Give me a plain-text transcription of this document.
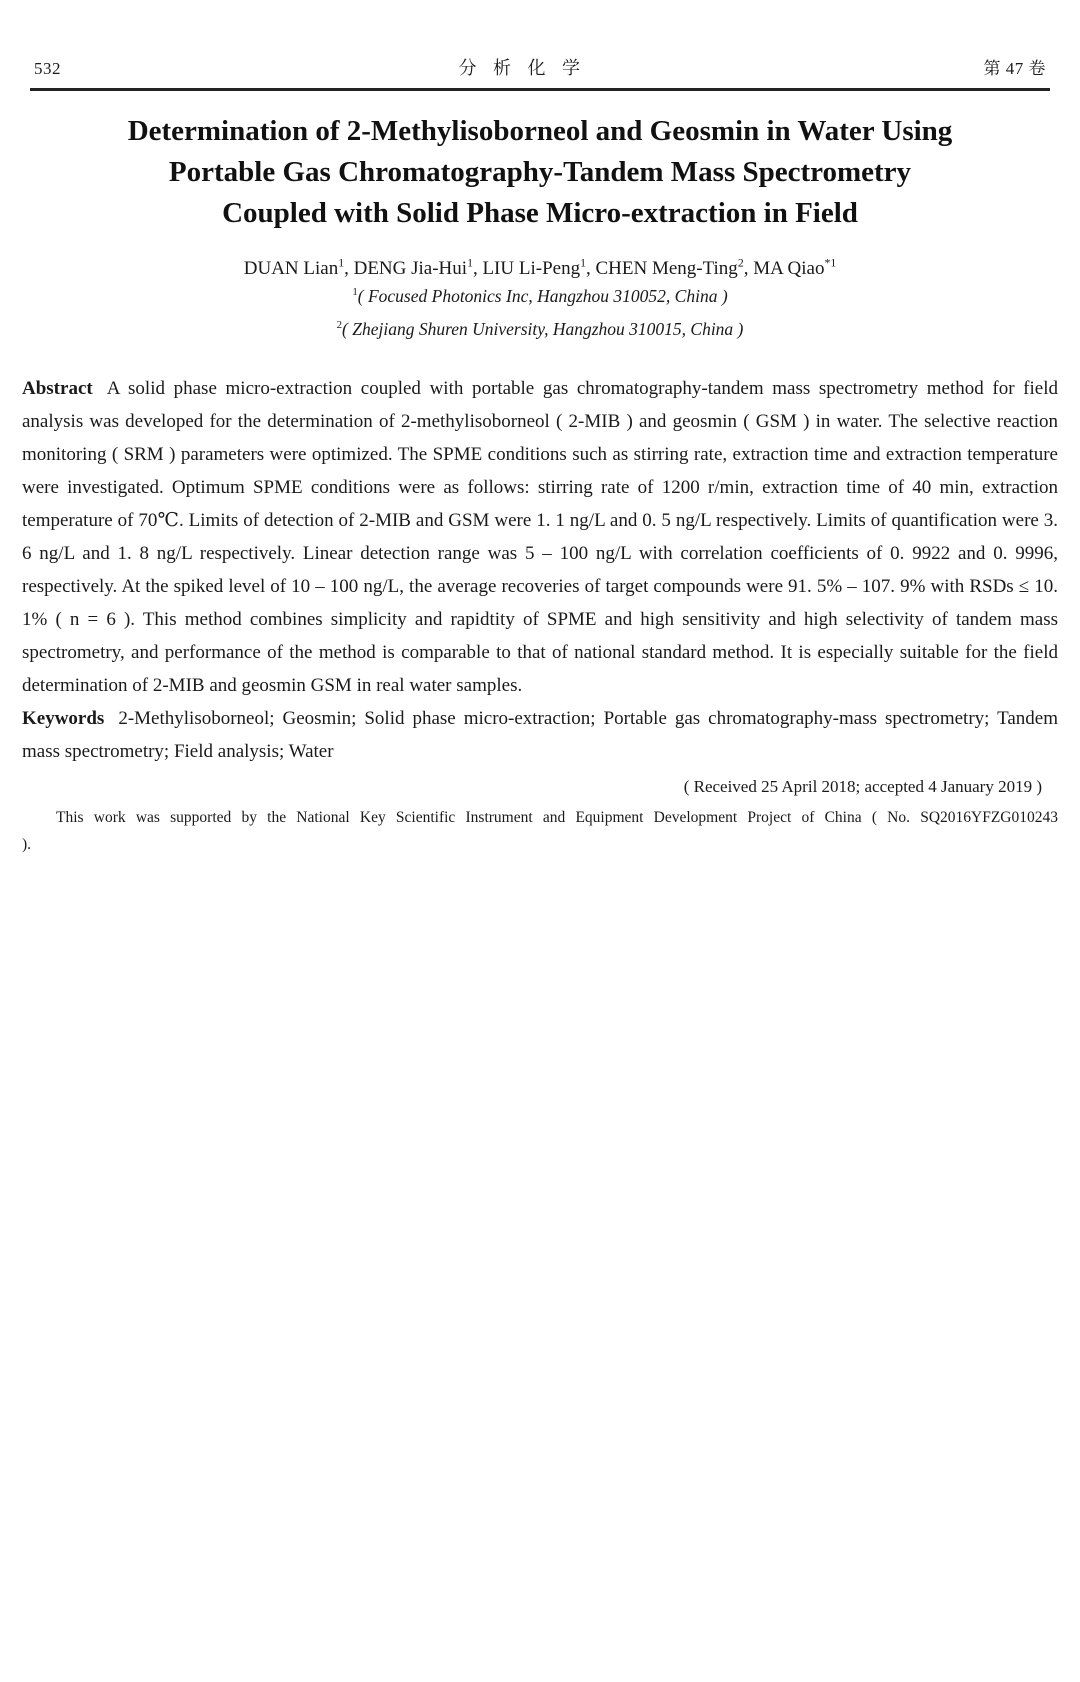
532	分 析 化 学	第 47 卷
Determination of 2-Methylisoborneol and Geosmin in Water Using
Portable Gas Chromatography-Tandem Mass Spectrometry
Coupled with Solid Phase Micro-extraction in Field
DUAN Lian$^1$, DENG Jia-Hui$^1$, LIU Li-Peng$^1$, CHEN Meng-Ting$^2$, MA Qiao$^{*1}$
$^1$( Focused Photonics Inc, Hangzhou 310052, China )
$^2$( Zhejiang Shuren University, Hangzhou 310015, China )

Abstract A solid phase micro-extraction coupled with portable gas chromatography-tandem mass spectrometry method for field analysis was developed for the determination of 2-methylisoborneol ( 2-MIB ) and geosmin ( GSM ) in water. The selective reaction monitoring ( SRM ) parameters were optimized. The SPME conditions such as stirring rate, extraction time and extraction temperature were investigated. Optimum SPME conditions were as follows: stirring rate of 1200 r/min, extraction time of 40 min, extraction temperature of 70℃. Limits of detection of 2-MIB and GSM were 1. 1 ng/L and 0. 5 ng/L respectively. Limits of quantification were 3. 6 ng/L and 1. 8 ng/L respectively. Linear detection range was 5 – 100 ng/L with correlation coefficients of 0. 9922 and 0. 9996, respectively. At the spiked level of 10 – 100 ng/L, the average recoveries of target compounds were 91. 5% – 107. 9% with RSDs ≤ 10. 1% ( n = 6 ). This method combines simplicity and rapidtity of SPME and high sensitivity and high selectivity of tandem mass spectrometry, and performance of the method is comparable to that of national standard method. It is especially suitable for the field determination of 2-MIB and geosmin GSM in real water samples.

Keywords 2-Methylisoborneol; Geosmin; Solid phase micro-extraction; Portable gas chromatography-mass spectrometry; Tandem mass spectrometry; Field analysis; Water

( Received 25 April 2018; accepted 4 January 2019 )

This work was supported by the National Key Scientific Instrument and Equipment Development Project of China ( No. SQ2016YFZG010243 ).
